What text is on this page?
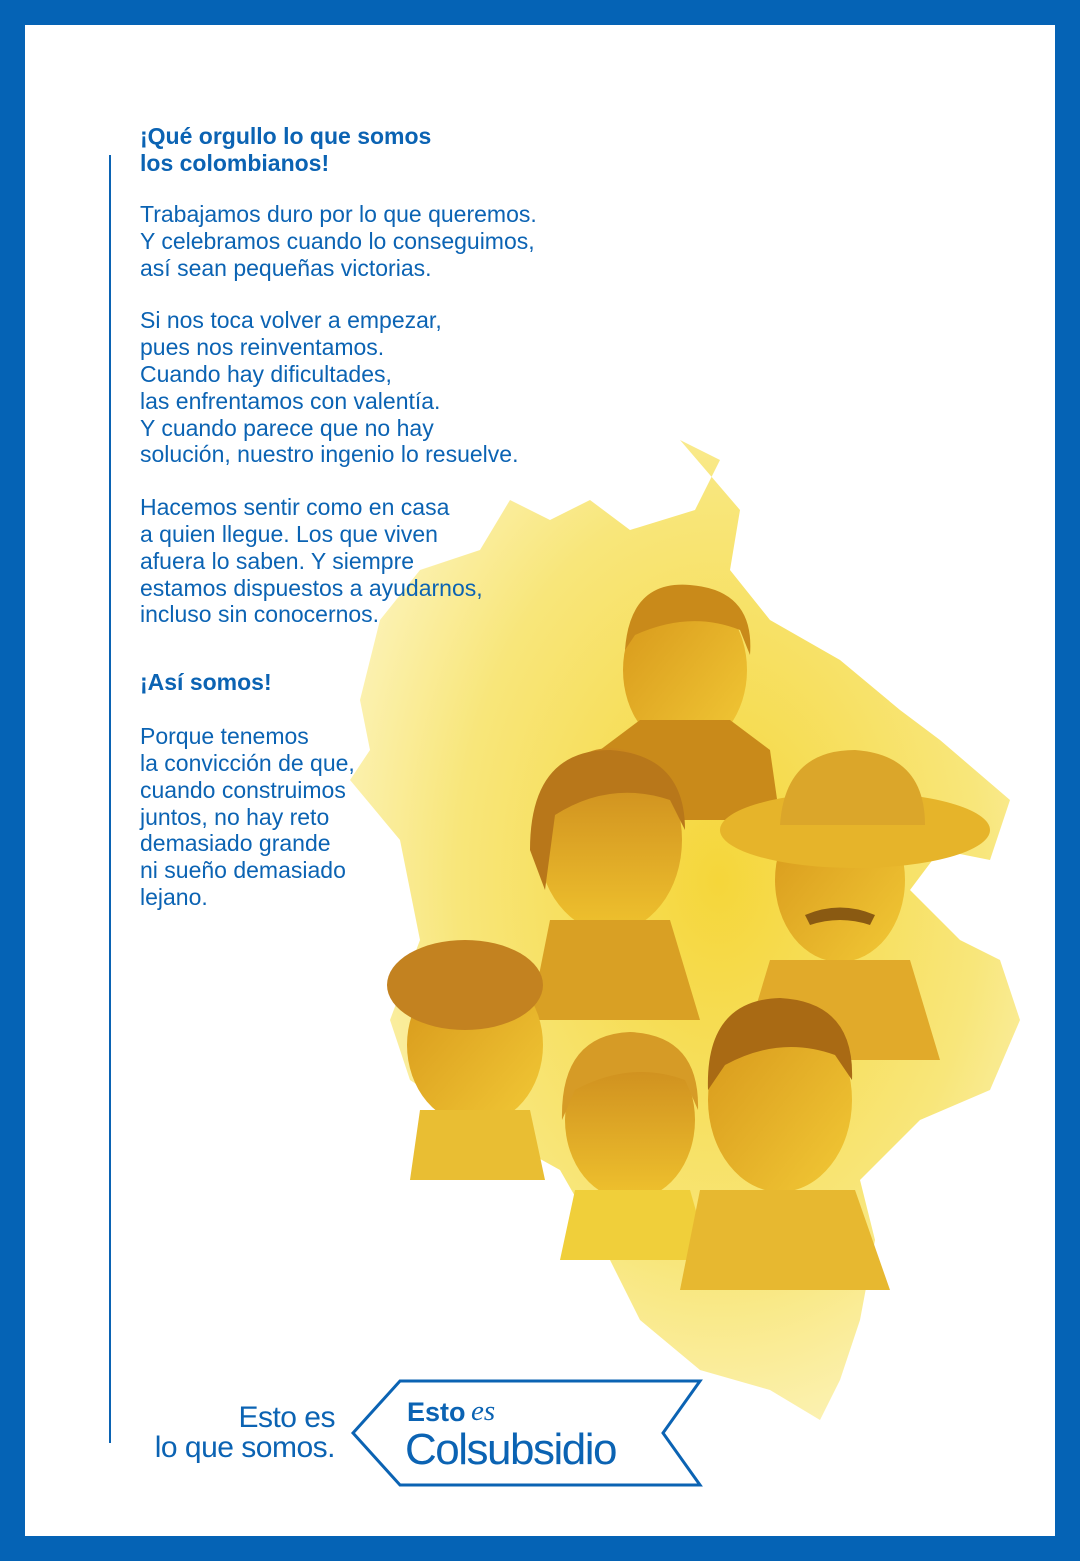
¡Qué orgullo lo que somos
los colombianos!

Trabajamos duro por lo que queremos.
Y celebramos cuando lo conseguimos,
así sean pequeñas victorias.

Si nos toca volver a empezar,
pues nos reinventamos.
Cuando hay dificultades,
las enfrentamos con valentía.
Y cuando parece que no hay
solución, nuestro ingenio lo resuelve.

Hacemos sentir como en casa
a quien llegue. Los que viven
afuera lo saben. Y siempre
estamos dispuestos a ayudarnos,
incluso sin conocernos.

¡Así somos!

Porque tenemos
la convicción de que,
cuando construimos
juntos, no hay reto
demasiado grande
ni sueño demasiado
lejano.

Esto es
lo que somos.
Esto es
Colsubsidio
